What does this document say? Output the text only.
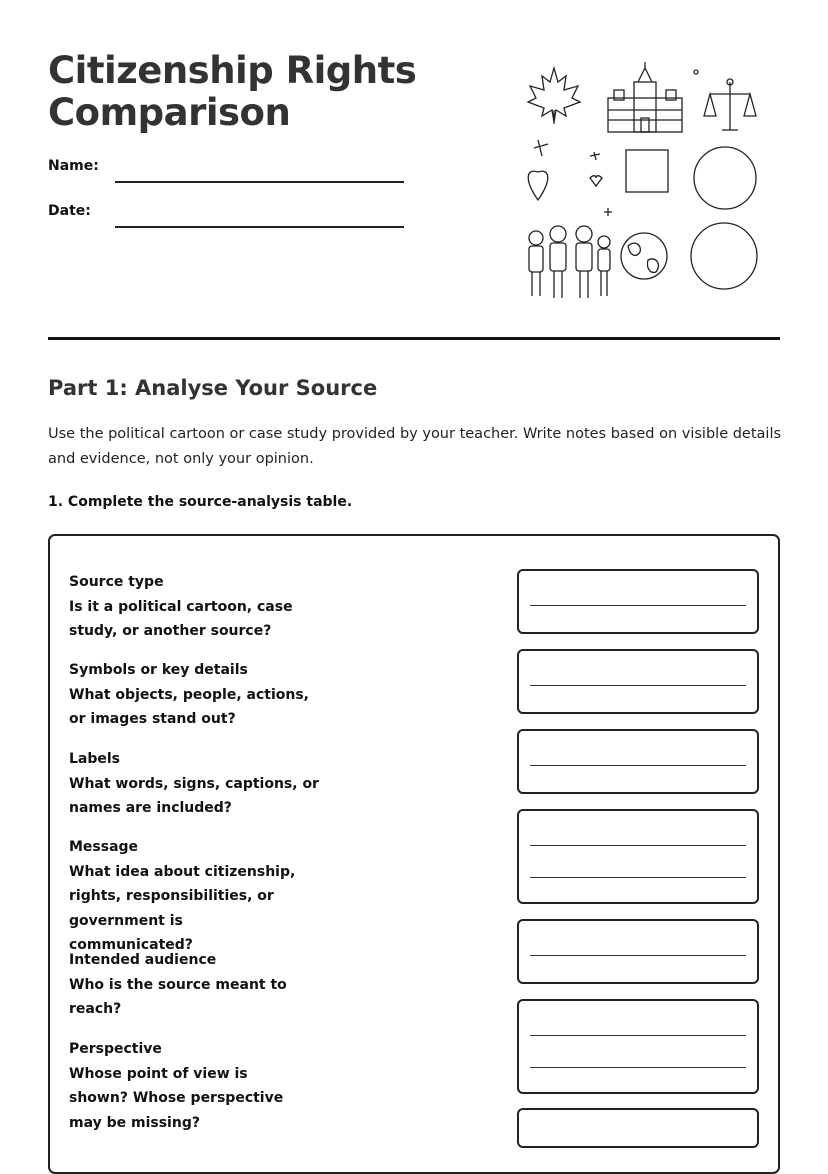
Citizenship Rights
Comparison
Name:
Date:
Part 1: Analyse Your Source
Use the political cartoon or case study provided by your teacher. Write notes based on visible details and evidence, not only your opinion.
1. Complete the source-analysis table.
Source type
Is it a political cartoon, case study, or another source?
Symbols or key details
What objects, people, actions, or images stand out?
Labels
What words, signs, captions, or names are included?
Message
What idea about citizenship, rights, responsibilities, or government is communicated?
Intended audience
Who is the source meant to reach?
Perspective
Whose point of view is shown? Whose perspective may be missing?
